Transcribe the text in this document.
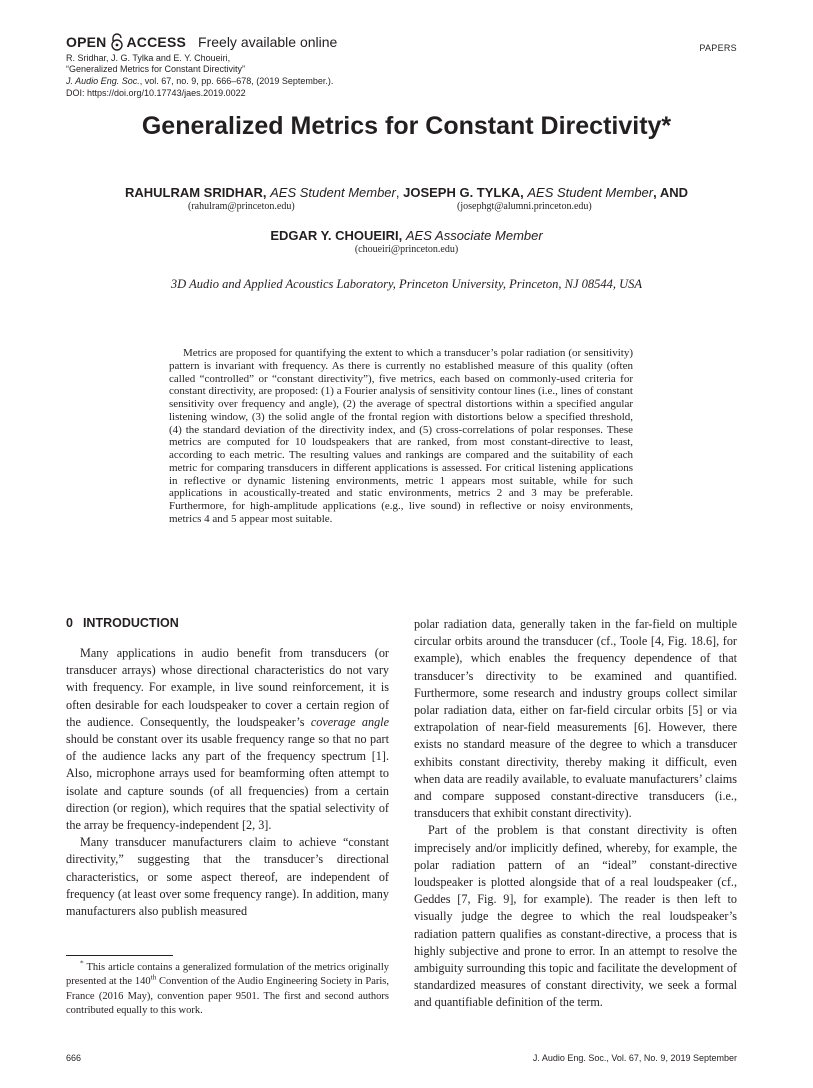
OPEN ACCESS Freely available online
R. Sridhar, J. G. Tylka and E. Y. Choueiri,
“Generalized Metrics for Constant Directivity”
J. Audio Eng. Soc., vol. 67, no. 9, pp. 666–678, (2019 September.).
DOI: https://doi.org/10.17743/jaes.2019.0022
PAPERS
Generalized Metrics for Constant Directivity*
RAHULRAM SRIDHAR, AES Student Member, JOSEPH G. TYLKA, AES Student Member, AND
(rahulram@princeton.edu)	(josephgt@alumni.princeton.edu)
EDGAR Y. CHOUEIRI, AES Associate Member
(choueiri@princeton.edu)
3D Audio and Applied Acoustics Laboratory, Princeton University, Princeton, NJ 08544, USA

Metrics are proposed for quantifying the extent to which a transducer’s polar radiation (or sensitivity) pattern is invariant with frequency. As there is currently no established measure of this quality (often called “controlled” or “constant directivity”), five metrics, each based on commonly-used criteria for constant directivity, are proposed: (1) a Fourier analysis of sensitivity contour lines (i.e., lines of constant sensitivity over frequency and angle), (2) the average of spectral distortions within a specified angular listening window, (3) the solid angle of the frontal region with distortions below a specified threshold, (4) the standard deviation of the directivity index, and (5) cross-correlations of polar responses. These metrics are computed for 10 loudspeakers that are ranked, from most constant-directive to least, according to each metric. The resulting values and rankings are compared and the suitability of each metric for comparing transducers in different applications is assessed. For critical listening applications in reflective or dynamic listening environments, metric 1 appears most suitable, while for such applications in acoustically-treated and static environments, metrics 2 and 3 may be preferable. Furthermore, for high-amplitude applications (e.g., live sound) in reflective or noisy environments, metrics 4 and 5 appear most suitable.

0 INTRODUCTION

Many applications in audio benefit from transducers (or transducer arrays) whose directional characteristics do not vary with frequency. For example, in live sound reinforcement, it is often desirable for each loudspeaker to cover a certain region of the audience. Consequently, the loudspeaker’s coverage angle should be constant over its usable frequency range so that no part of the audience lacks any part of the frequency spectrum [1]. Also, microphone arrays used for beamforming often attempt to isolate and capture sounds (of all frequencies) from a certain direction (or region), which requires that the spatial selectivity of the array be frequency-independent [2, 3].

Many transducer manufacturers claim to achieve “constant directivity,” suggesting that the transducer’s directional characteristics, or some aspect thereof, are independent of frequency (at least over some frequency range). In addition, many manufacturers also publish measured

polar radiation data, generally taken in the far-field on multiple circular orbits around the transducer (cf., Toole [4, Fig. 18.6], for example), which enables the frequency dependence of that transducer’s directivity to be examined and quantified. Furthermore, some research and industry groups collect similar polar radiation data, either on far-field circular orbits [5] or via extrapolation of near-field measurements [6]. However, there exists no standard measure of the degree to which a transducer exhibits constant directivity, thereby making it difficult, even when data are readily available, to evaluate manufacturers’ claims and compare supposed constant-directive transducers (i.e., transducers that exhibit constant directivity).

Part of the problem is that constant directivity is often imprecisely and/or implicitly defined, whereby, for example, the polar radiation pattern of an “ideal” constant-directive loudspeaker is plotted alongside that of a real loudspeaker (cf., Geddes [7, Fig. 9], for example). The reader is then left to visually judge the degree to which the real loudspeaker’s radiation pattern qualifies as constant-directive, a process that is highly subjective and prone to error. In an attempt to resolve the ambiguity surrounding this topic and facilitate the development of standardized measures of constant directivity, we seek a formal and quantifiable definition of the term.

* This article contains a generalized formulation of the metrics originally presented at the 140th Convention of the Audio Engineering Society in Paris, France (2016 May), convention paper 9501. The first and second authors contributed equally to this work.

666	J. Audio Eng. Soc., Vol. 67, No. 9, 2019 September
